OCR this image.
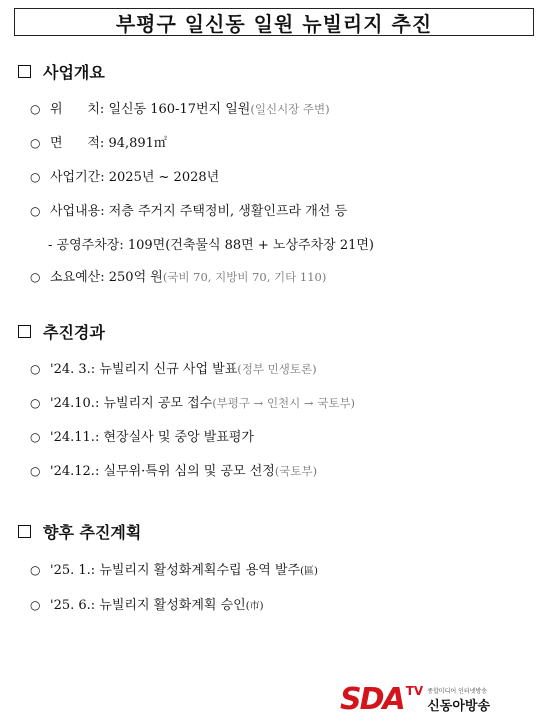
부평구 일신동 일원 뉴빌리지 추진
사업개요
○ 위      치 : 일신동 160-17번지 일원 (일신시장 주변)
○ 면      적 : 94,891㎡
○ 사업기간 : 2025년 ~ 2028년
○ 사업내용 : 저층 주거지 주택정비, 생활인프라 개선 등
- 공영주차장: 109면(건축물식 88면 + 노상주차장 21면)
○ 소요예산 : 250억 원 (국비 70, 지방비 70, 기타 110)
추진경과
○ '24. 3. : 뉴빌리지 신규 사업 발표 (정부 민생토론)
○ '24.10. : 뉴빌리지 공모 접수 (부평구 → 인천시 → 국토부)
○ '24.11. : 현장실사 및 중앙 발표평가
○ '24.12. : 실무위·특위 심의 및 공모 선정 (국토부)
향후 추진계획
○ '25. 1. : 뉴빌리지 활성화계획수립 용역 발주 (區)
○ '25. 6. : 뉴빌리지 활성화계획 승인 (市)
SDA TV 종합미디어 인터넷방송
신동아방송
